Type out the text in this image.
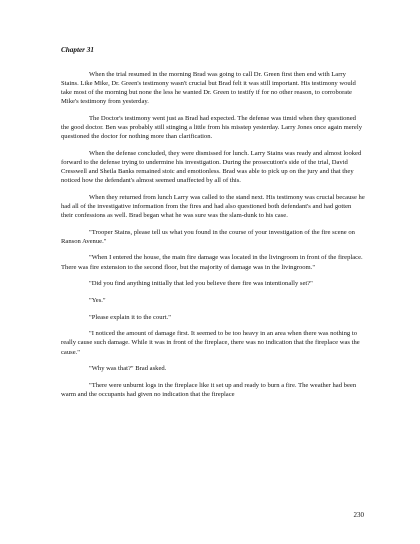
Chapter 31

When the trial resumed in the morning Brad was going to call Dr. Green first then end with Larry Stains. Like Mike, Dr. Green's testimony wasn't crucial but Brad felt it was still important. His testimony would take most of the morning but none the less he wanted Dr. Green to testify if for no other reason, to corroborate Mike's testimony from yesterday.

The Doctor's testimony went just as Brad had expected. The defense was timid when they questioned the good doctor. Ben was probably still stinging a little from his misstep yesterday. Larry Jones once again merely questioned the doctor for nothing more than clarification.

When the defense concluded, they were dismissed for lunch. Larry Stains was ready and almost looked forward to the defense trying to undermine his investigation. During the prosecution's side of the trial, David Cresswell and Sheila Banks remained stoic and emotionless. Brad was able to pick up on the jury and that they noticed how the defendant's almost seemed unaffected by all of this.

When they returned from lunch Larry was called to the stand next. His testimony was crucial because he had all of the investigative information from the fires and had also questioned both defendant's and had gotten their confessions as well. Brad began what he was sure was the slam-dunk to his case.

"Trooper Stains, please tell us what you found in the course of your investigation of the fire scene on Ranson Avenue."

"When I entered the house, the main fire damage was located in the livingroom in front of the fireplace. There was fire extension to the second floor, but the majority of damage was in the livingroom."

"Did you find anything initially that led you believe there fire was intentionally set?"

"Yes."

"Please explain it to the court."

"I noticed the amount of damage first. It seemed to be too heavy in an area when there was nothing to really cause such damage. While it was in front of the fireplace, there was no indication that the fireplace was the cause."

"Why was that?" Brad asked.

"There were unburnt logs in the fireplace like it set up and ready to burn a fire. The weather had been warm and the occupants had given no indication that the fireplace

230
